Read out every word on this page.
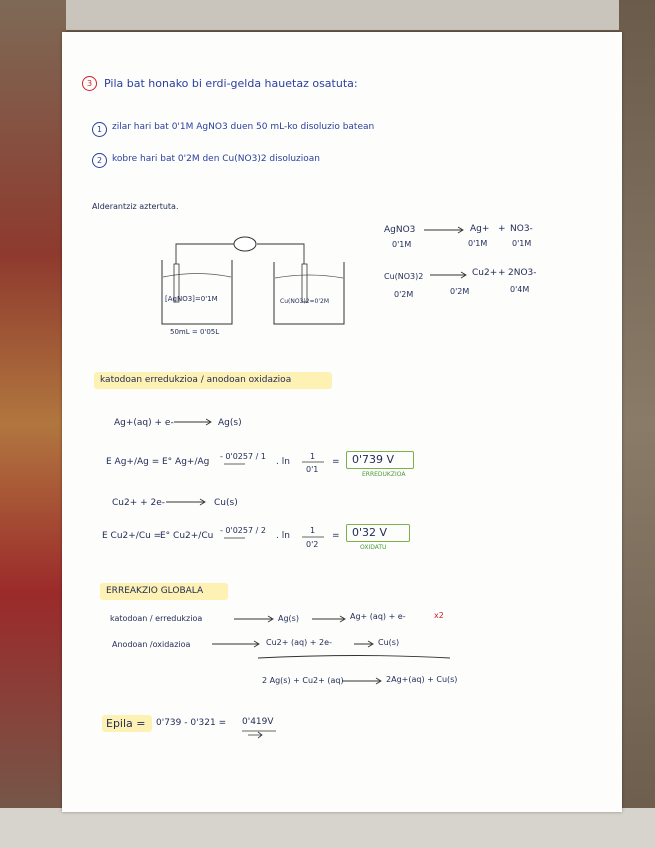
3	Pila bat honako bi erdi-gelda hauetaz osatuta:
1	zilar hari bat 0'1M AgNO3 duen 50 mL-ko disoluzio batean
2	kobre hari bat 0'2M den Cu(NO3)2 disoluzioan
Alderantziz aztertuta.
[AgNO3]=0'1M	Cu(NO3)2=0'2M
50mL = 0'05L
AgNO3	Ag+ + NO3-
0'1M	0'1M	0'1M
Cu(NO3)2	Cu2+ + 2NO3-
0'2M	0'2M	0'4M
katodoan erredukzioa / anodoan oxidazioa
Ag+(aq) + e-	Ag(s)
E Ag+/Ag = E° Ag+/Ag
- 0'0257 / 1
. ln
1
0'1
= 0'739 V
ERREDUKZIOA
Cu2+ + 2e-	Cu(s)
E Cu2+/Cu =
E° Cu2+/Cu
- 0'0257 / 2
. ln
1
0'2
= 0'32 V
OXIDATU
ERREAKZIO GLOBALA
katodoan / erredukzioa	Ag(s)	Ag+ (aq) + e-	x2
Anodoan /oxidazioa	Cu2+ (aq) + 2e-	Cu(s)
2 Ag(s) + Cu2+ (aq)	2Ag+(aq) + Cu(s)
Epila = 0'739 - 0'321 = 0'419V
